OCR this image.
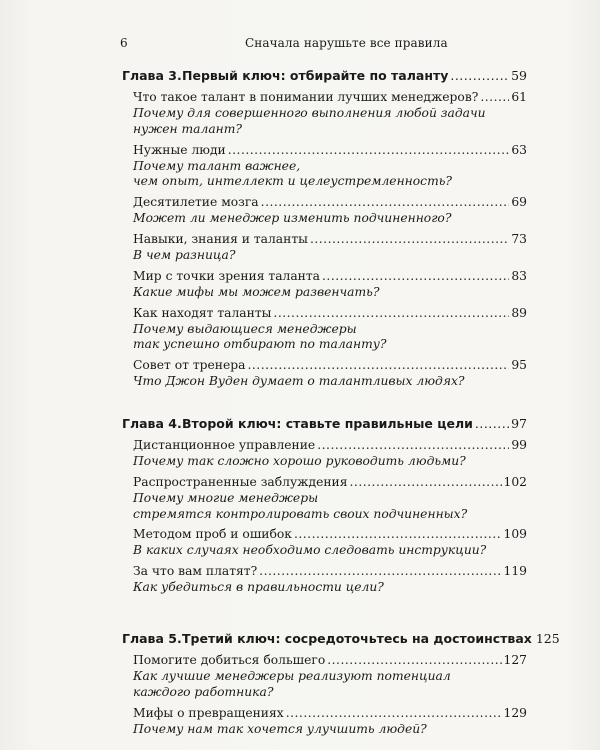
6	Сначала нарушьте все правила
Глава 3. Первый ключ: отбирайте по таланту .....	59
Что такое талант в понимании лучших менеджеров? .....	61
Почему для совершенного выполнения любой задачи
нужен талант?
Нужные люди .....	63
Почему талант важнее,
чем опыт, интеллект и целеустремленность?
Десятилетие мозга .....	69
Может ли менеджер изменить подчиненного?
Навыки, знания и таланты .....	73
В чем разница?
Мир с точки зрения таланта .....	83
Какие мифы мы можем развенчать?
Как находят таланты .....	89
Почему выдающиеся менеджеры
так успешно отбирают по таланту?
Совет от тренера .....	95
Что Джон Вуден думает о талантливых людях?
Глава 4. Второй ключ: ставьте правильные цели .....	97
Дистанционное управление .....	99
Почему так сложно хорошо руководить людьми?
Распространенные заблуждения .....	102
Почему многие менеджеры
стремятся контролировать своих подчиненных?
Методом проб и ошибок .....	109
В каких случаях необходимо следовать инструкции?
За что вам платят? .....	119
Как убедиться в правильности цели?
Глава 5. Третий ключ: сосредоточьтесь на достоинствах 125
Помогите добиться большего .....	127
Как лучшие менеджеры реализуют потенциал
каждого работника?
Мифы о превращениях .....	129
Почему нам так хочется улучшить людей?
